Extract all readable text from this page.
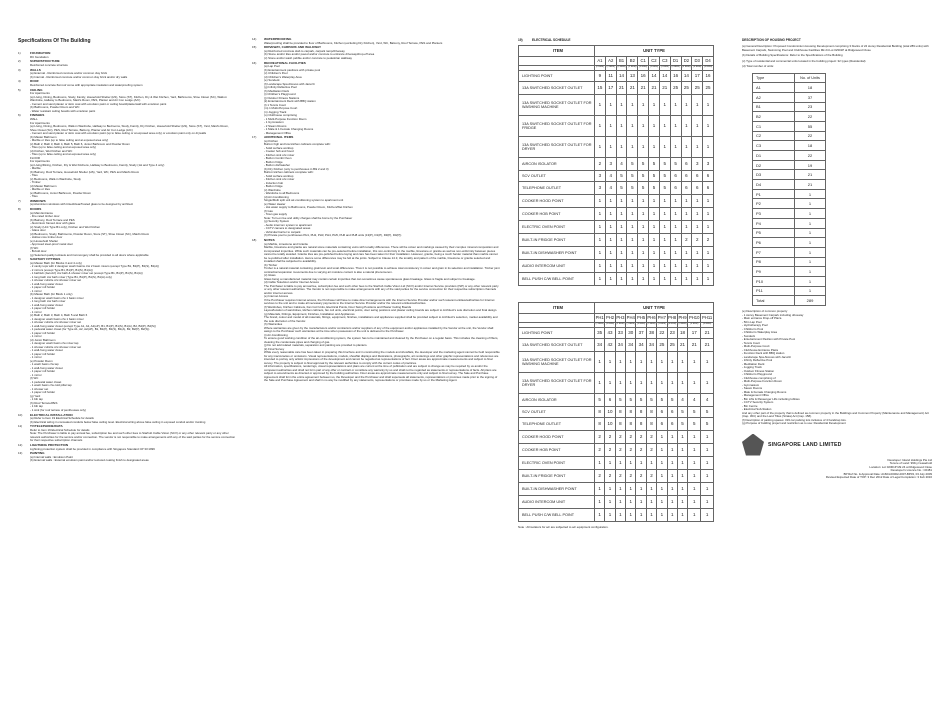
Specifications Of The Building
1)	FOUNDATION
RC foundation
2)	SUPERSTRUCTURE
Reinforced concrete structure
3)	WALLS
(a) External - Reinforced concrete and/or common clay brick
(b) Internal - Reinforced concrete and/or common clay brick and/or dry walls
4)	ROOF
Reinforced concrete flat roof come with appropriate insulation and waterproofing system
5)	CEILING
For Apartments
(a) Living, Dining, Bedrooms, Study, Family, Household Shelter (HS), Store (ST), Kitchen, Dry & Wet Kitchen, Yard, Bathrooms, Shoe Closet (SC), Walk-in Wardrobe, Hallway to Bedrooms, Maid's Room, PES, Planter and Air Con Ledge (A/C)
- Cement and sand plaster or skim coat with emulsion paint or ceiling board/plasterwall with emulsion paint
(b) Bathrooms, Powder Room and WC
- Water resistant ceiling boards with emulsion paint
6)	FINISHES
WALL
For Apartments
(a) Living, Dining, Bedrooms, Walk-in Wardrobe, Hallway to Bedrooms, Study, Family, Dry Kitchen, Household Shelter (HS), Store (ST), Yard, Maid's Room, Shoe Closet (SC), PES, Roof Terrace, Balcony, Planter and Air Con Ledge (A/C)
- Cement and sand plaster or skim coat with emulsion paint (up to false ceiling or at exposed area only) or emulsion paint only on drywalls
(b) Master Bathroom
- Marble or tiles (up to false ceiling and at exposed area only)
(c) Bath 2, Bath 3, Bath 4, Bath 5, Bath 6, Junior Bathroom and Powder Room
- Tiles (up to false ceiling and at exposed area only)
(d) Kitchen, Wet Kitchen and WC
- Tiles (up to false ceiling and at exposed area only)
FLOOR
For Apartments
(a) Living/Dining, Kitchen, Dry & Wet Kitchens, Hallway to Bedrooms, Family, Study (1st and Type 4 only)
- Marble
(b) Balcony, Roof Terrace, Household Shelter (HS), Yard, WC, PES and Maid's Room
- Tiles
(c) Bedrooms, Walk-in Wardrobe, Study
- Timber
(d) Master Bathroom
- Marble or tiles
(e) Bathrooms, Junior Bathroom, Powder Room
- Tiles
7)	WINDOWS
(a) Aluminium windows with tinted/clear/frosted glass to be designed by architect
8)	DOORS
(a) Main Entrance
- Fire rated timber door
(b) Balcony, Roof Terrace and PES
- Aluminium framed door with glass
(c) Study (Unit Type B1 only), Kitchen and Wet Kitchen
- Glass door
(d) Bedrooms, Study, Bathrooms, Powder Room, Store (ST), Shoe Closet (SC), Maid's Room
- Hollow core timber door
(e) Household Shelter
- Approved steel-proof metal door
(f) WC
- Bi-fold door
(g) Selected quality locksets and ironmongery shall be provided to all doors where applicable
9)	SANITARY FITTINGS
(a) Master Bath (for Blocks 3 and 4 only)
- 2 vanity tops with 2 designer wash basins c/w 2 basin mixers (except Type B1, B1(P), B1(S), B1(A))
- 2 mirrors (except Type B1, B1(P), B1(S), B1(A))
- 1 bathtub (Jacuzzi) c/w bath & shower mixer set (except Type B1, B1(P), B1(S), B1(A))
- 1 long bath c/w bath mixer (Type B1, B1(P), B1(S), B1(A) only)
- 1 shower cubicle c/w shower mixer set
- 1 wall-hung water closet
- 1 paper roll holder
- 1 mirror
(b) Master Bath (for Block 1 only)
- 1 designer wash basin c/w 1 basin mixer
- 1 long bath c/w bath mixer
- 1 wall-hung water closet
- 1 paper roll holder
- 1 mirror
(c) Bath 2, Bath 3, Bath 4, Bath 5 and Bath 6
- 1 designer wash basin c/w 1 basin mixer
- 1 shower cubicle c/w shower mixer set
- 1 wall-hung water closet (except Type A1, A2, A2(oP), B1, B1(P), B1(S), B1(A), B2, B2(P), B2(S))
- 1 pedestal water closet (for Type A1, A2, A2(oP), B1, B1(P), B1(S), B1(A), B2, B2(P), B2(S))
- 1 paper roll holder
- 1 mirror
(d) Junior Bathroom
- 1 designer wash basin c/w mixer tap
- 1 shower cubicle c/w shower mixer set
- 1 wall-hung water closet
- 1 paper roll holder
- 1 mirror
(e) Powder Room
- 1 wash basin c/w tap
- 1 wall-hung water closet
- 1 paper roll holder
- 1 mirror
(f) WC
- 1 pedestal water closet
- 1 wash basin c/w cold pillar tap
- 1 shower set
- 1 paper roll holder
(g) Yard
- 1 bib tap
(h) Roof Terrace/PES
- 1 bib tap
- 1 sink (for roof terrace of penthouses only)
10)	ELECTRICAL INSTALLATION
(a) Refer to Item 19 Electrical Schedule for details
(b) Electrical wiring in concealed conduits below false ceiling level. Electrical wiring above false ceiling in exposed conduit and/or trunking
11)	TV/TELEPHONE/DATA
Refer to Item 19 Electrical Schedule for details
Note: The Purchaser is liable to pay annual fee, subscription fee and such other fees to Starhub Cable Vision (SCV) or any other relevant party or any other relevant authorities for the service and/or connection. The vendor is not responsible to make arrangements with any of the said parties for the service connection for their respective subscription channels
12)	LIGHTNING PROTECTION
Lightning protection system shall be provided in compliance with Singapore Standard CP 33:1996
13)	PAINTING
(a) Internal walls : Emulsion Paint
(b) External walls : External emulsion paint and/or textured coating finish to designated areas
14)	WATERPROOFING
Waterproofing shall be provided to floor of Bathrooms, Kitchen (excluding Dry Kitchen), Yard, WC, Balcony, Roof Terrace, PES and Planters
15)	DRIVEWAY, CARPARK AND WALKWAY
(a) Reinforced concrete slab to carpark, carpark ramp/driveway
(b) Stone and/or tiles and/or paved and/or concrete to entrance driveway/drop-off area
(c) Stone and/or wash pebble and/or concrete to pedestrian walkway
16)	RECREATIONAL FACILITIES
(a) Lap Pool
(b) Entertainment pavilions with private pool
(c) Children's Pool
(d) Children's Waterplay Area
(e) Sundeck
(f) Landscape Spa Alcoves with Jacuzzi
(g) Infinity Reflective Pool
(h) Meditation Deck
(i) Children's Playground
(j) Outdoor Fitness Stations
(k) Entertainment Deck with BBQ station
(l) 1 Tennis Court
(m) 1 Multi-Purpose Court
(n) Jogging Track
(o) Clubhouse comprising
- 1 Multi-Purpose Function Room
- 1 Gymnasium
- 2 Steam Rooms
- 1 Male & 1 Female Changing Rooms
- Management Office
17)	ADDITIONAL ITEMS
(a) Kitchen
Built-in high and low kitchen cabinets complete with:
- Solid surface worktop
- Cooker hob and hood
- Kitchen sink c/w mixer
- Built-in Combi Oven
- Built-in fridge
- Built-in dishwasher
(b) Dry Kitchen (only to penthouses in Blk 2 and 3)
Built-in kitchen cabinets complete with:
- Solid surface worktop
- Kitchen sink c/w mixer
- Induction hob
- Built-in fridge
(c) Wardrobe
- Wardrobe to all Bedrooms
(d) Air-Conditioning
Single/Multi split unit air-conditioning system to apartment unit
(e) Water Heater
- Hot water supply to Bathrooms, Powder Room, Kitchen/Wet Kitchen
(f) Gas
- Town gas supply
Note: Turn-on fee and utility charges shall be borne by the Purchaser
(g) Security System
- Audio intercom system to apartment
- CCTV camera to designated areas
- Vehicular barrier to carpark
(h) Private pool to penthouses PH1, PH2, PH3, PH4, PH5, PH6 and PH8 units (13(P), D1(P), D3(P), D4(P))
18)	NOTES
(a) Marble, Limestone and Granite
Marble, limestone and granite are natural stone materials containing veins with tonality differences. There will be colour and markings caused by their complex mineral composition and incorporated impurities. While such materials can be pre-selected before installation, this non-conformity in the marble, limestone or granite as well as non-uniformity between pieces cannot be totally avoided. Granite tiles are pre-polished before laying and care has been taken for their installation. However, granite, being a much harder material than marble cannot be re-polished after installation. Hence some differences may be felt at the joints. Subject to Clause 14.3, the tonality and pattern of the marble, limestone or granite selected and installed shall be subjected to availability.
(b) Timber
Timber is a natural material containing grain/vein and tonal differences. Thus it is not possible to achieve total consistency in colour and grain in its selection and installation. Timber joint contraction/expansion movements due to varying air moisture content is also a natural phenomenon.
(c) Glass
Glass being a manufactured material may contain certain impurities that can sometimes cause spontaneous glass breakage. Glass is fragile and subject to breakage.
(d) Cable Television and/or Internet Access
The Purchaser is liable to pay annual fee, subscription fee and such other fees to the Starhub Cable Vision Ltd (SCV) and/or Internet Service providers (ISP) or any other relevant party or any other relevant authorities. The Vendor is not responsible to make arrangements with any of the said parties for the service connection for their respective subscription channels and/or internet access.
(e) Internet Access
If the Purchaser requires Internet access, the Purchaser will have to make direct arrangements with the Internet Service Provider and/or such relevant entities/authorities for Internet services to the unit and to make all necessary payments to the Internet Service Provider and/or the relevant entities/authorities.
(f) Wardrobes, Kitchen Cabinets, Fan Coil Units, Electrical Points, Door Swing Positions and Plaster Ceiling Boards
Layout/location of wardrobes, kitchen cabinets, fan coil units, electrical points, door swing positions and plaster ceiling boards are subject to Architect's sole discretion and final design.
(g) Materials, Fittings, Equipment, Finishes, Installation and Appliances
The brand, colour and model of all materials, fittings, equipment, finishes, installations and appliances supplied shall be provided subject to Architect's selection, market availability and the sole discretion of the Vendor.
(h) Warranties
Where warranties are given by the manufacturers and/or contractors and/or suppliers of any of the equipment and/or appliances installed by the Vendor at the unit, the Vendor shall assign to the Purchaser such warranties at the time when possession of the unit is delivered to the Purchaser.
(i) Air-Conditioning
To ensure good working condition of the air-conditioning system, the system has to be maintained and cleaned by the Purchaser on a regular basis. This includes the cleaning of filters, cleaning the condensate pipes and charging of gas.
(j) Do not add related materials, separation and painting are provided to planters.
(k) Final Survey
While every reasonable care has been taken in preparing this brochure and in constructing the models and showflats, the developer and the marketing agent cannot be held responsible for any inaccuracies or omissions. Visual representations, models, showflat displays and illustrations, photographs, art renderings and other graphic representations and references are intended to portray only artistic impressions of the development and cannot be regarded as representations of fact. Floor areas are approximate measurements and subject to final survey. The property is subject to final approval by the relevant authorities to comply with the current codes of practices.
All information, specifications, renderings, visual representations and plans are current at the time of publication and are subject to change as may be required by us and/or the competent authorities and shall not form part of any offer or contract or constitute any warranty by us and shall not be regarded as statements or representations of facts. All plans are subject to amendments as directed or approved by the building authorities. Floor areas are approximate measurements only and subject to final survey. The Sale and Purchase Agreement shall form the entire agreement between us, the Developer and the Purchaser and shall supersede all statements, representations or promises made prior to the signing of the Sale and Purchase Agreement and shall in no way be modified by any statements, representations or promises made by us or the Marketing Agent.
19)	ELECTRICAL SCHEDULE
ITEM	UNIT TYPE										
	A1	A2	B1	B2	C1	C2	C3	D1	D2	D3	D4
	(2 BRM)	(2 BRM)	(3 BRM)	(3 BRM)	(3 BRM)	(3 BRM)	(3 BRM)	(4 BRM)	(4 BRM)	(4 BRM)	(4 BRM)
LIGHTING POINT	9	11	14	13	16	14	14	16	14	17	16
13A SWITCHED SOCKET OUTLET	15	17	21	21	21	21	21	25	25	25	25
13A SWITCHED SOCKET OUTLET FOR WASHING MACHINE	1	1	1	1	1	1	1	1	1	1	1
13A SWITCHED SOCKET OUTLET FOR FRIDGE	1	1	1	1	1	1	1	1	1	1	1
13A SWITCHED SOCKET OUTLET FOR DRYER	1	1	1	1	1	1	1	1	1	1	1
AIRCON ISOLATOR	2	3	4	5	5	5	5	5	6	3	3
SCV OUTLET	3	4	5	5	5	5	5	6	6	6	6
TELEPHONE OUTLET	3	4	5	5	5	5	5	6	6	6	6
COOKER HOOD POINT	1	1	1	1	1	1	1	1	1	1	1
COOKER HOB POINT	1	1	1	1	1	1	1	1	1	1	1
ELECTRIC OVEN POINT	1	1	1	1	1	1	1	1	1	1	1
BUILT-IN FRIDGE POINT	1	1	1	1	1	1	1	1	2	2	2
BUILT-IN DISHWASHER POINT	1	1	1	1	1	1	1	1	1	1	1
AUDIO INTERCOM UNIT	1	1	1	1	1	1	1	1	1	1	1
BELL PUSH C/W BELL POINT	1	1	1	1	1	1	1	1	1	1	1
ITEM	UNIT TYPE										
	PH1	PH2	PH3	PH4	PH5	PH6	PH7	PH8	PH9	PH10	PH11
	(2 BRM)	(3 BRM)	(3 BRM)	(3 BRM)	(3 BRM)	(3 BRM)	(3 BRM)	(4 BRM)	(4 BRM)	(4 BRM)	(4 BRM)
LIGHTING POINT	35	43	33	30	37	38	22	23	18	17	21
13A SWITCHED SOCKET OUTLET	34	42	34	34	34	34	25	25	21	21	21
13A SWITCHED SOCKET OUTLET FOR WASHING MACHINE	1	1	1	1	1	1	1	1	1	1	1
13A SWITCHED SOCKET OUTLET FOR DRYER	1	1	1	1	1	1	1	1	1	1	1
AIRCON ISOLATOR	5	6	5	5	5	5	5	5	4	4	4
SCV OUTLET	8	10	8	8	8	8	6	6	5	5	5
TELEPHONE OUTLET	8	10	8	8	8	8	6	6	5	5	5
COOKER HOOD POINT	2	2	2	2	2	2	1	1	1	1	1
COOKER HOB POINT	2	2	2	2	2	2	1	1	1	1	1
ELECTRIC OVEN POINT	1	1	1	1	1	1	1	1	1	1	1
BUILT-IN FRIDGE POINT	2	2	2	2	2	2	1	1	1	1	1
BUILT-IN DISHWASHER POINT	1	1	1	1	1	1	1	1	1	1	1
AUDIO INTERCOM UNIT	1	1	1	1	1	1	1	1	1	1	1
BELL PUSH C/W BELL POINT	1	1	1	1	1	1	1	1	1	1	1
Note : All isolators for a/c are subjected to a/c equipment configuration.
DESCRIPTION OF HOUSING PROJECT
(a) General Description: Proposed Condominium Housing Development comprising 3 blocks of 24 storey Residential Building (total 289 units) with Basement Carpark, Swimming Pool and Clubhouse Facilities Mk 24 Lot 02301P at Ridgewood Close
(b) Details of Building Specifications: Refer to the Specifications of the Building
(c) Type of residential and commercial units located in the building project: 32 types (Residential)
(d) Total number of units:
Type	No. of Units
A1	18
A2	37
B1	23
B2	22
C1	55
C2	22
C3	18
D1	22
D2	19
D3	21
D4	21
P1	1
P2	1
P3	1
P4	1
P5	1
P6	1
P7	1
P8	1
P9	1
P10	1
P11	1
Total	289
(e) Description of common property
- 1 storey Basement Carpark including driveway
- Main entrance Drop-off Plaza
- 50m Lap Pool
- Hydrotherapy Pool
- Children's Pool
- Children's Waterplay Area
- Sundeck
- Entertainment Pavilion with Private Pool
- Tennis Court
- Multi-Purpose Court
- Clubhouse Entrance Plaza
- Function Deck with BBQ station
- Landscape Spa Alcoves with Jacuzzi
- Infinity Reflective Pool
- Meditation Deck
- Jogging Track
- Outdoor Fitness Station
- Children's Playground
- Clubhouse comprising of
- Multi-Purpose Function Room
- Gymnasium
- Steam Rooms
- Male & Female Changing Rooms
- Management Office
- Bin Lifts & Passenger Lifts including lobbies
- CCTV Security System
- Bin Centre
- Electrical Sub-Station
And any other part of the property that is defined as common property in the Buildings and Common Property (Maintenance and Management) Act (Cap. 30C) and the Land Titles (Strata) Act (Cap. 158).
(f) Description of parking spaces: 319 car parking lots inclusive of 4 handicap lots.
(g) Purpose of building project and restriction as to use: Residential Development
SINGAPORE LAND LIMITED
Developer: Island Holdings Pte Ltd
Tenure of Land: 999-yr leasehold
Location: Lot 02301P Mk 24 at Ridgewood Close
Developer's Licence No.: C0481
BP Ref No. & Approval Date: A1604-00002-2007-BP03, 03 July 2009
Revised Expected Date of TOP: 3 Dec 2012 Date of Legal Completion: 3 Feb 2016
